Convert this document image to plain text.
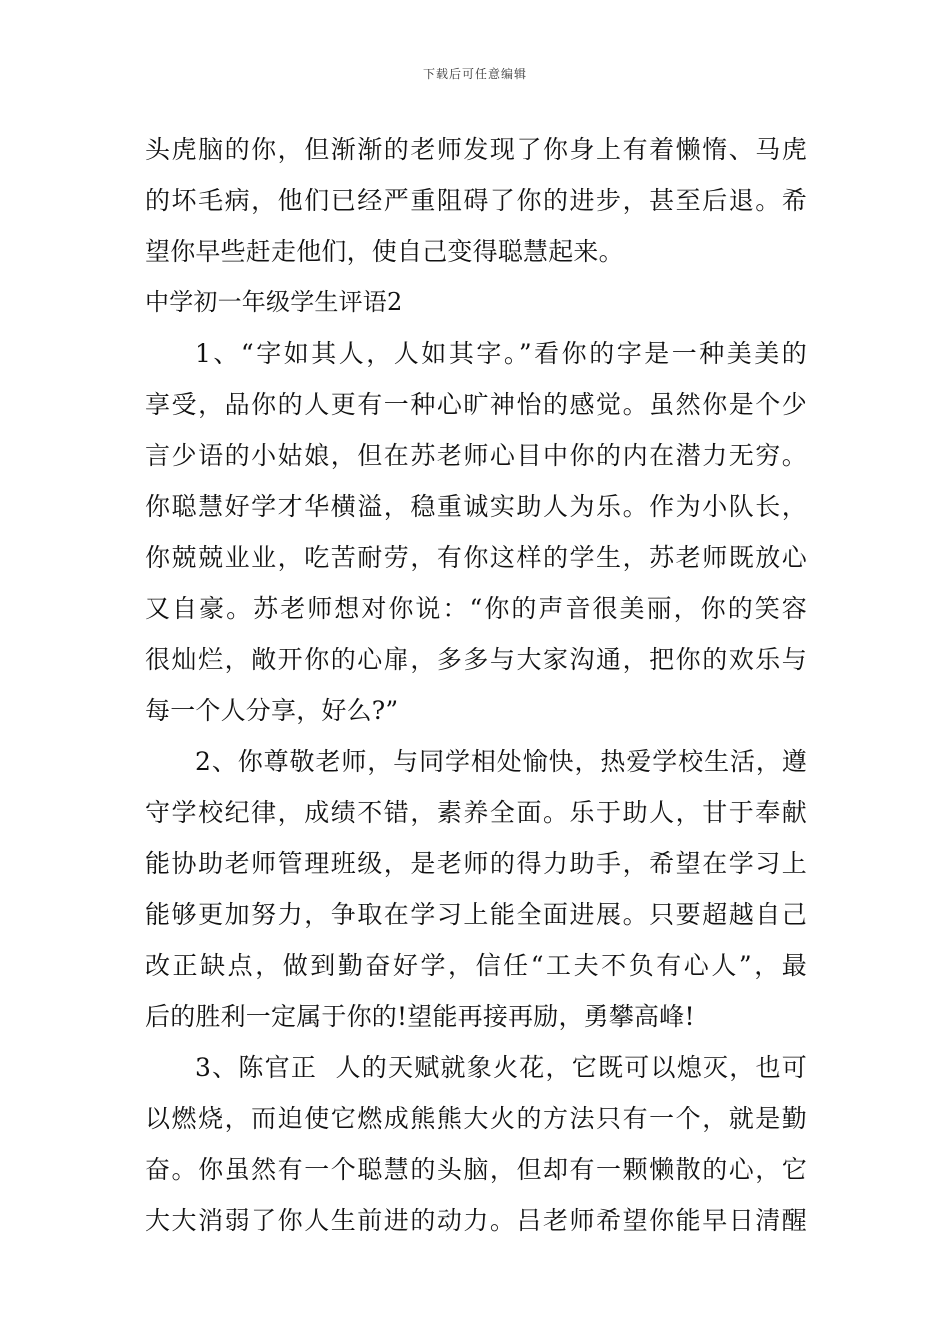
下载后可任意编辑
头虎脑的你，但渐渐的老师发现了你身上有着懒惰、马虎
的坏毛病，他们已经严重阻碍了你的进步，甚至后退。希
望你早些赶走他们，使自己变得聪慧起来。
中学初一年级学生评语2
1、“字如其人，人如其字。”看你的字是一种美美的
享受，品你的人更有一种心旷神怡的感觉。虽然你是个少
言少语的小姑娘，但在苏老师心目中你的内在潜力无穷。
你聪慧好学才华横溢，稳重诚实助人为乐。作为小队长，
你兢兢业业，吃苦耐劳，有你这样的学生，苏老师既放心
又自豪。苏老师想对你说：“你的声音很美丽，你的笑容
很灿烂，敞开你的心扉，多多与大家沟通，把你的欢乐与
每一个人分享，好么?”
2、你尊敬老师，与同学相处愉快，热爱学校生活，遵
守学校纪律，成绩不错，素养全面。乐于助人，甘于奉献
能协助老师管理班级，是老师的得力助手，希望在学习上
能够更加努力，争取在学习上能全面进展。只要超越自己
改正缺点，做到勤奋好学，信任“工夫不负有心人”，最
后的胜利一定属于你的!望能再接再励，勇攀高峰!
3、陈官正  人的天赋就象火花，它既可以熄灭，也可
以燃烧，而迫使它燃成熊熊大火的方法只有一个，就是勤
奋。你虽然有一个聪慧的头脑，但却有一颗懒散的心，它
大大消弱了你人生前进的动力。吕老师希望你能早日清醒
